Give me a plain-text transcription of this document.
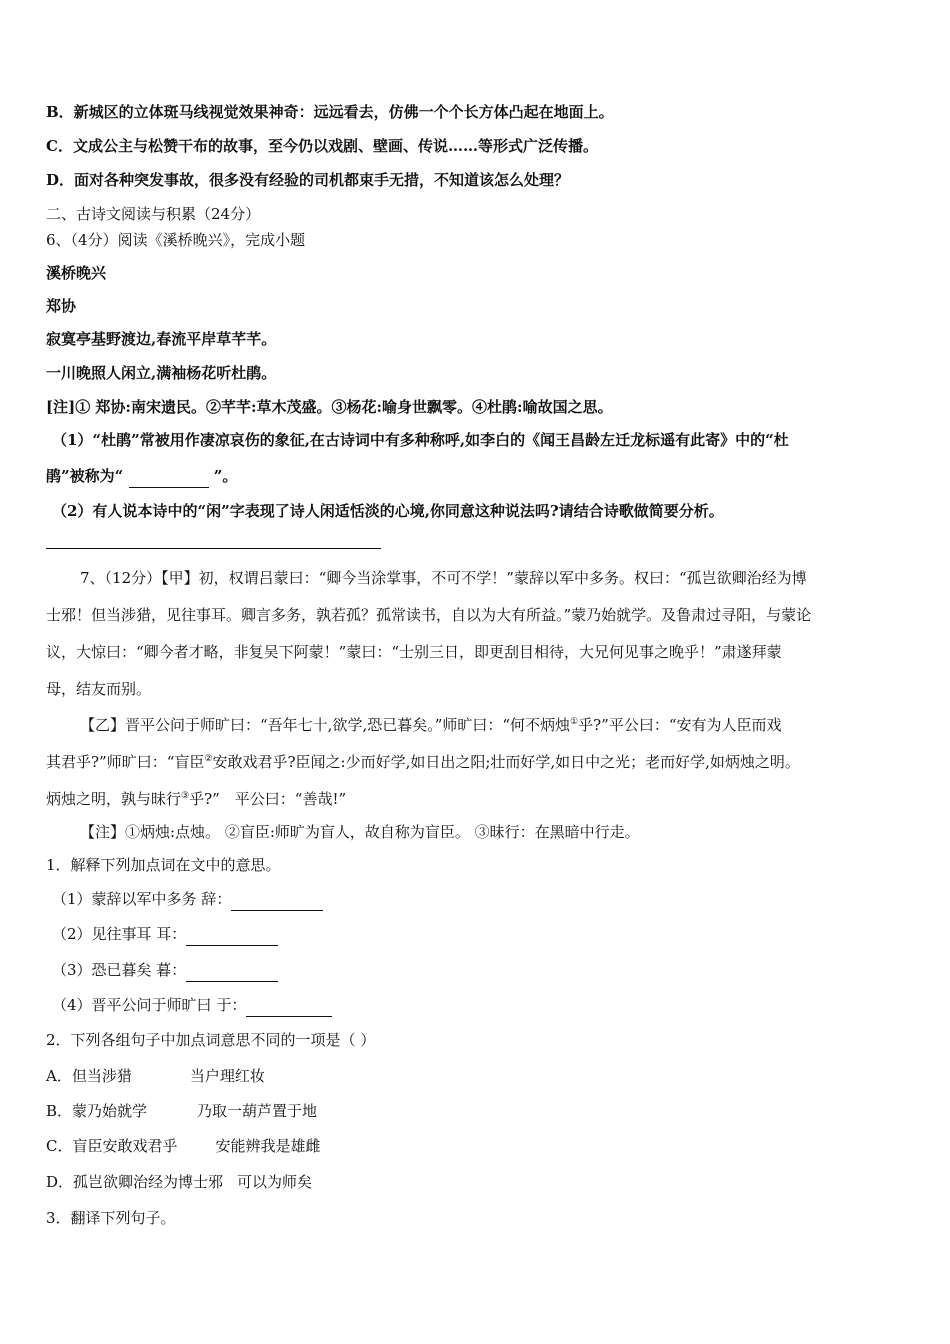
B．新城区的立体斑马线视觉效果神奇：远远看去，仿佛一个个长方体凸起在地面上。
C．文成公主与松赞干布的故事，至今仍以戏剧、壁画、传说……等形式广泛传播。
D．面对各种突发事故，很多没有经验的司机都束手无措，不知道该怎么处理？
二、古诗文阅读与积累（24分）
6、（4分）阅读《溪桥晚兴》，完成小题
溪桥晚兴
郑协
寂寞亭基野渡边,春流平岸草芊芊。
一川晚照人闲立,满袖杨花听杜鹃。
[注]① 郑协:南宋遗民。②芊芊:草木茂盛。③杨花:喻身世飘零。④杜鹃:喻故国之思。
（1）“杜鹃”常被用作凄凉哀伤的象征,在古诗词中有多种称呼,如李白的《闻王昌龄左迁龙标遥有此寄》中的“杜
鹃”被称为“	”。
（2）有人说本诗中的“闲”字表现了诗人闲适恬淡的心境,你同意这种说法吗?请结合诗歌做简要分析。
7、（12分）【甲】初，权谓吕蒙曰：“卿今当涂掌事，不可不学！”蒙辞以军中多务。权曰：“孤岂欲卿治经为博
士邪！但当涉猎，见往事耳。卿言多务，孰若孤？孤常读书，自以为大有所益。”蒙乃始就学。及鲁肃过寻阳，与蒙论
议，大惊曰：“卿今者才略，非复吴下阿蒙！”蒙曰：“士别三日，即更刮目相待，大兄何见事之晚乎！”肃遂拜蒙
母，结友而别。
【乙】晋平公问于师旷曰：“吾年七十,欲学,恐已暮矣。”师旷曰：“何不炳烛①乎?”平公曰：“安有为人臣而戏
其君乎?”师旷曰：“盲臣②安敢戏君乎?臣闻之:少而好学,如日出之阳;壮而好学,如日中之光；老而好学,如炳烛之明。
炳烛之明，孰与昧行③乎?”　平公曰：“善哉!”
【注】①炳烛:点烛。 ②盲臣:师旷为盲人，故自称为盲臣。 ③昧行：在黑暗中行走。
1．解释下列加点词在文中的意思。
（1）蒙辞以军中多务 辞：
（2）见往事耳 耳：
（3）恐已暮矣 暮：
（4）晋平公问于师旷曰 于：
2．下列各组句子中加点词意思不同的一项是（ ）
A．但当涉猎	当户理红妆
B．蒙乃始就学	乃取一葫芦置于地
C．盲臣安敢戏君乎	安能辨我是雄雌
D．孤岂欲卿治经为博士邪 可以为师矣
3．翻译下列句子。
